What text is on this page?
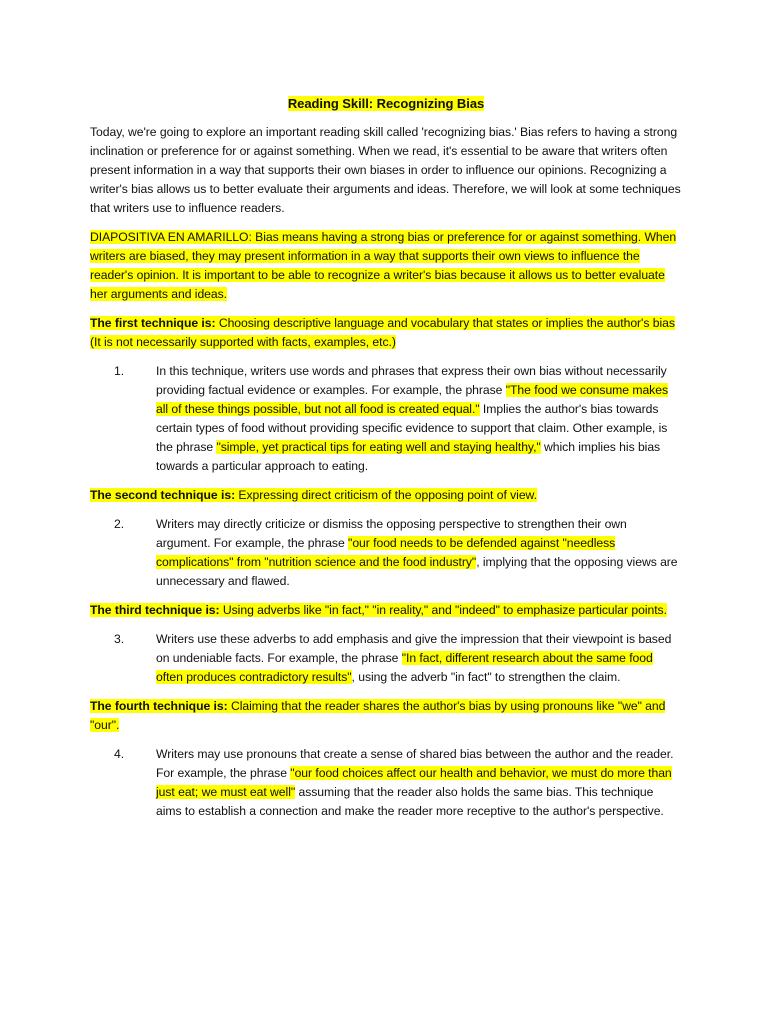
Reading Skill: Recognizing Bias
Today, we're going to explore an important reading skill called 'recognizing bias.' Bias refers to having a strong inclination or preference for or against something. When we read, it's essential to be aware that writers often present information in a way that supports their own biases in order to influence our opinions. Recognizing a writer's bias allows us to better evaluate their arguments and ideas. Therefore, we will look at some techniques that writers use to influence readers.
DIAPOSITIVA EN AMARILLO: Bias means having a strong bias or preference for or against something. When writers are biased, they may present information in a way that supports their own views to influence the reader's opinion. It is important to be able to recognize a writer's bias because it allows us to better evaluate her arguments and ideas.
The first technique is: Choosing descriptive language and vocabulary that states or implies the author's bias (It is not necessarily supported with facts, examples, etc.)
1.	In this technique, writers use words and phrases that express their own bias without necessarily providing factual evidence or examples. For example, the phrase "The food we consume makes all of these things possible, but not all food is created equal." Implies the author's bias towards certain types of food without providing specific evidence to support that claim. Other example, is the phrase "simple, yet practical tips for eating well and staying healthy," which implies his bias towards a particular approach to eating.
The second technique is: Expressing direct criticism of the opposing point of view.
2.	Writers may directly criticize or dismiss the opposing perspective to strengthen their own argument. For example, the phrase "our food needs to be defended against "needless complications" from "nutrition science and the food industry", implying that the opposing views are unnecessary and flawed.
The third technique is: Using adverbs like "in fact," "in reality," and "indeed" to emphasize particular points.
3.	Writers use these adverbs to add emphasis and give the impression that their viewpoint is based on undeniable facts. For example, the phrase "In fact, different research about the same food often produces contradictory results", using the adverb "in fact" to strengthen the claim.
The fourth technique is: Claiming that the reader shares the author's bias by using pronouns like "we" and "our".
4.	Writers may use pronouns that create a sense of shared bias between the author and the reader. For example, the phrase "our food choices affect our health and behavior, we must do more than just eat; we must eat well" assuming that the reader also holds the same bias. This technique aims to establish a connection and make the reader more receptive to the author's perspective.
